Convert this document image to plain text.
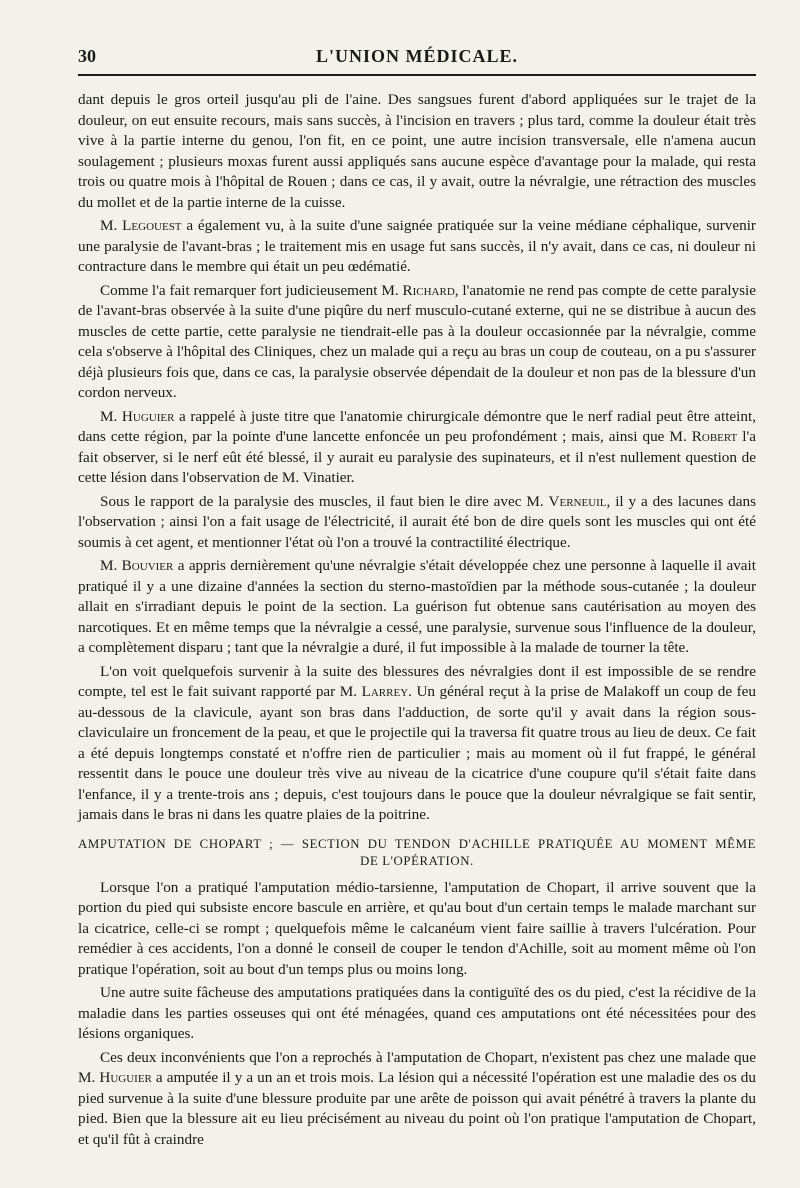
30	L'UNION MÉDICALE.

dant depuis le gros orteil jusqu'au pli de l'aine. Des sangsues furent d'abord appliquées sur le trajet de la douleur, on eut ensuite recours, mais sans succès, à l'incision en travers ; plus tard, comme la douleur était très vive à la partie interne du genou, l'on fit, en ce point, une autre incision transversale, elle n'amena aucun soulagement ; plusieurs moxas furent aussi appliqués sans aucune espèce d'avantage pour la malade, qui resta trois ou quatre mois à l'hôpital de Rouen ; dans ce cas, il y avait, outre la névralgie, une rétraction des muscles du mollet et de la partie interne de la cuisse.

M. Legouest a également vu, à la suite d'une saignée pratiquée sur la veine médiane céphalique, survenir une paralysie de l'avant-bras ; le traitement mis en usage fut sans succès, il n'y avait, dans ce cas, ni douleur ni contracture dans le membre qui était un peu œdématié.

Comme l'a fait remarquer fort judicieusement M. Richard, l'anatomie ne rend pas compte de cette paralysie de l'avant-bras observée à la suite d'une piqûre du nerf musculo-cutané externe, qui ne se distribue à aucun des muscles de cette partie, cette paralysie ne tiendrait-elle pas à la douleur occasionnée par la névralgie, comme cela s'observe à l'hôpital des Cliniques, chez un malade qui a reçu au bras un coup de couteau, on a pu s'assurer déjà plusieurs fois que, dans ce cas, la paralysie observée dépendait de la douleur et non pas de la blessure d'un cordon nerveux.

M. Huguier a rappelé à juste titre que l'anatomie chirurgicale démontre que le nerf radial peut être atteint, dans cette région, par la pointe d'une lancette enfoncée un peu profondément ; mais, ainsi que M. Robert l'a fait observer, si le nerf eût été blessé, il y aurait eu paralysie des supinateurs, et il n'est nullement question de cette lésion dans l'observation de M. Vinatier.

Sous le rapport de la paralysie des muscles, il faut bien le dire avec M. Verneuil, il y a des lacunes dans l'observation ; ainsi l'on a fait usage de l'électricité, il aurait été bon de dire quels sont les muscles qui ont été soumis à cet agent, et mentionner l'état où l'on a trouvé la contractilité électrique.

M. Bouvier a appris dernièrement qu'une névralgie s'était développée chez une personne à laquelle il avait pratiqué il y a une dizaine d'années la section du sterno-mastoïdien par la méthode sous-cutanée ; la douleur allait en s'irradiant depuis le point de la section. La guérison fut obtenue sans cautérisation au moyen des narcotiques. Et en même temps que la névralgie a cessé, une paralysie, survenue sous l'influence de la douleur, a complètement disparu ; tant que la névralgie a duré, il fut impossible à la malade de tourner la tête.

L'on voit quelquefois survenir à la suite des blessures des névralgies dont il est impossible de se rendre compte, tel est le fait suivant rapporté par M. Larrey. Un général reçut à la prise de Malakoff un coup de feu au-dessous de la clavicule, ayant son bras dans l'adduction, de sorte qu'il y avait dans la région sous-claviculaire un froncement de la peau, et que le projectile qui la traversa fit quatre trous au lieu de deux. Ce fait a été depuis longtemps constaté et n'offre rien de particulier ; mais au moment où il fut frappé, le général ressentit dans le pouce une douleur très vive au niveau de la cicatrice d'une coupure qu'il s'était faite dans l'enfance, il y a trente-trois ans ; depuis, c'est toujours dans le pouce que la douleur névralgique se fait sentir, jamais dans le bras ni dans les quatre plaies de la poitrine.

AMPUTATION DE CHOPART ; — SECTION DU TENDON D'ACHILLE PRATIQUÉE AU MOMENT MÊME
DE L'OPÉRATION.

Lorsque l'on a pratiqué l'amputation médio-tarsienne, l'amputation de Chopart, il arrive souvent que la portion du pied qui subsiste encore bascule en arrière, et qu'au bout d'un certain temps le malade marchant sur la cicatrice, celle-ci se rompt ; quelquefois même le calcanéum vient faire saillie à travers l'ulcération. Pour remédier à ces accidents, l'on a donné le conseil de couper le tendon d'Achille, soit au moment même où l'on pratique l'opération, soit au bout d'un temps plus ou moins long.

Une autre suite fâcheuse des amputations pratiquées dans la contiguïté des os du pied, c'est la récidive de la maladie dans les parties osseuses qui ont été ménagées, quand ces amputations ont été nécessitées pour des lésions organiques.

Ces deux inconvénients que l'on a reprochés à l'amputation de Chopart, n'existent pas chez une malade que M. Huguier a amputée il y a un an et trois mois. La lésion qui a nécessité l'opération est une maladie des os du pied survenue à la suite d'une blessure produite par une arête de poisson qui avait pénétré à travers la plante du pied. Bien que la blessure ait eu lieu précisément au niveau du point où l'on pratique l'amputation de Chopart, et qu'il fût à craindre
